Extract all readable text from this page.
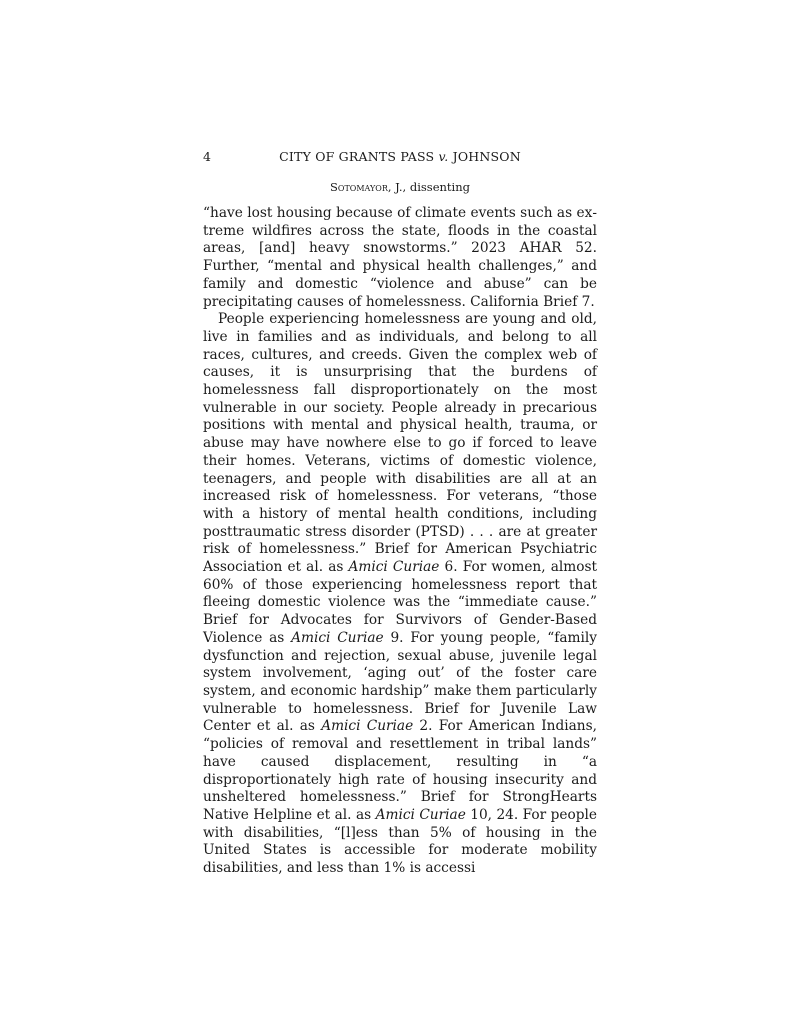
4	CITY OF GRANTS PASS v. JOHNSON
Sotomayor, J., dissenting

“have lost housing because of climate events such as extreme wildfires across the state, floods in the coastal areas, [and] heavy snowstorms.” 2023 AHAR 52. Further, “mental and physical health challenges,” and family and domestic “violence and abuse” can be precipitating causes of homelessness. California Brief 7.

People experiencing homelessness are young and old, live in families and as individuals, and belong to all races, cultures, and creeds. Given the complex web of causes, it is unsurprising that the burdens of homelessness fall disproportionately on the most vulnerable in our society. People already in precarious positions with mental and physical health, trauma, or abuse may have nowhere else to go if forced to leave their homes. Veterans, victims of domestic violence, teenagers, and people with disabilities are all at an increased risk of homelessness. For veterans, “those with a history of mental health conditions, including posttraumatic stress disorder (PTSD) . . . are at greater risk of homelessness.” Brief for American Psychiatric Association et al. as Amici Curiae 6. For women, almost 60% of those experiencing homelessness report that fleeing domestic violence was the “immediate cause.” Brief for Advocates for Survivors of Gender-Based Violence as Amici Curiae 9. For young people, “family dysfunction and rejection, sexual abuse, juvenile legal system involvement, ‘aging out’ of the foster care system, and economic hardship” make them particularly vulnerable to homelessness. Brief for Juvenile Law Center et al. as Amici Curiae 2. For American Indians, “policies of removal and resettlement in tribal lands” have caused displacement, resulting in “a disproportionately high rate of housing insecurity and unsheltered homelessness.” Brief for StrongHearts Native Helpline et al. as Amici Curiae 10, 24. For people with disabilities, “[l]ess than 5% of housing in the United States is accessible for moderate mobility disabilities, and less than 1% is accessi
